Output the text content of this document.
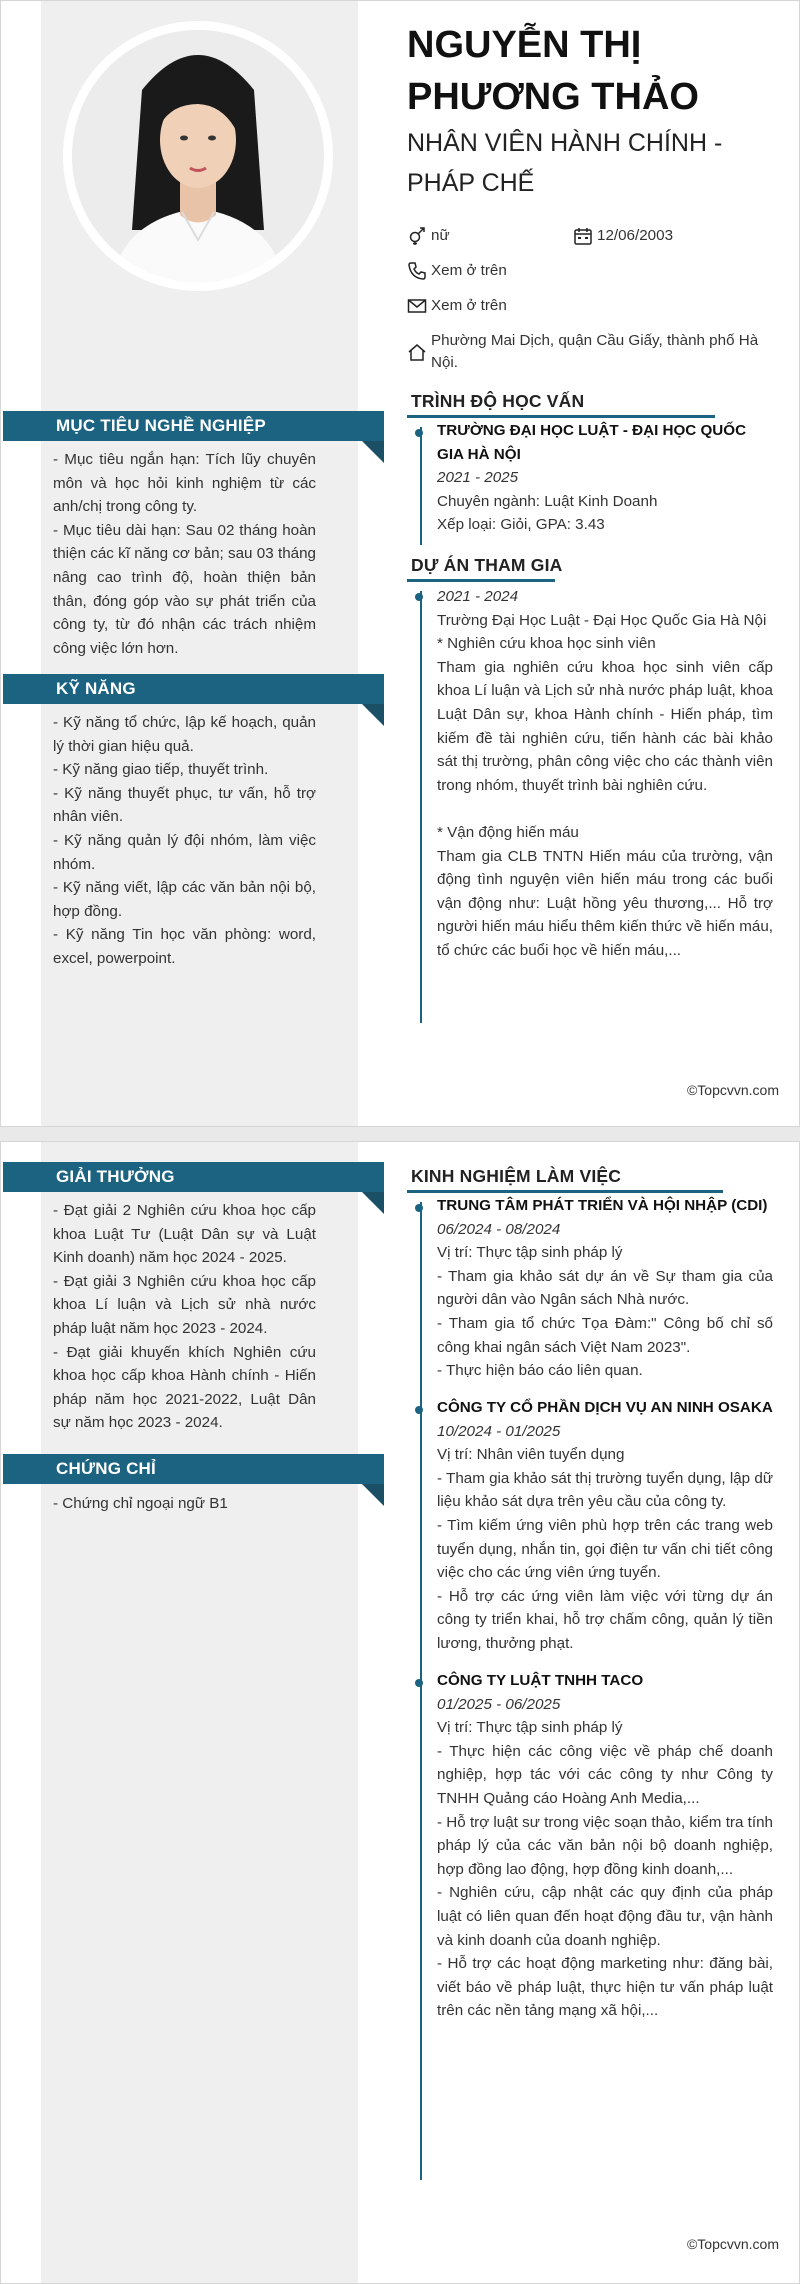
NGUYỄN THỊ PHƯƠNG THẢO
NHÂN VIÊN HÀNH CHÍNH - PHÁP CHẾ
nữ	12/06/2003
Xem ở trên
Xem ở trên
Phường Mai Dịch, quận Cầu Giấy, thành phố Hà Nội.
MỤC TIÊU NGHỀ NGHIỆP

- Mục tiêu ngắn hạn: Tích lũy chuyên môn và học hỏi kinh nghiệm từ các anh/chị trong công ty.

- Mục tiêu dài hạn: Sau 02 tháng hoàn thiện các kĩ năng cơ bản; sau 03 tháng nâng cao trình độ, hoàn thiện bản thân, đóng góp vào sự phát triển của công ty, từ đó nhận các trách nhiệm công việc lớn hơn.

KỸ NĂNG

- Kỹ năng tổ chức, lập kế hoạch, quản lý thời gian hiệu quả.

- Kỹ năng giao tiếp, thuyết trình.

- Kỹ năng thuyết phục, tư vấn, hỗ trợ nhân viên.

- Kỹ năng quản lý đội nhóm, làm việc nhóm.

- Kỹ năng viết, lập các văn bản nội bộ, hợp đồng.

- Kỹ năng Tin học văn phòng: word, excel, powerpoint.

TRÌNH ĐỘ HỌC VẤN

TRƯỜNG ĐẠI HỌC LUẬT - ĐẠI HỌC QUỐC GIA HÀ NỘI

2021 - 2025

Chuyên ngành: Luật Kinh Doanh

Xếp loại: Giỏi, GPA: 3.43

DỰ ÁN THAM GIA

2021 - 2024

Trường Đại Học Luật - Đại Học Quốc Gia Hà Nội

* Nghiên cứu khoa học sinh viên

Tham gia nghiên cứu khoa học sinh viên cấp khoa Lí luận và Lịch sử nhà nước pháp luật, khoa Luật Dân sự, khoa Hành chính - Hiến pháp, tìm kiếm đề tài nghiên cứu, tiến hành các bài khảo sát thị trường, phân công việc cho các thành viên trong nhóm, thuyết trình bài nghiên cứu.

* Vận động hiến máu

Tham gia CLB TNTN Hiến máu của trường, vận động tình nguyện viên hiến máu trong các buổi vận động như: Luật hồng yêu thương,... Hỗ trợ người hiến máu hiểu thêm kiến thức về hiến máu, tổ chức các buổi học về hiến máu,...

©Topcvvn.com
GIẢI THƯỞNG

- Đạt giải 2 Nghiên cứu khoa học cấp khoa Luật Tư (Luật Dân sự và Luật Kinh doanh) năm học 2024 - 2025.

- Đạt giải 3 Nghiên cứu khoa học cấp khoa Lí luận và Lịch sử nhà nước pháp luật năm học 2023 - 2024.

- Đạt giải khuyến khích Nghiên cứu khoa học cấp khoa Hành chính - Hiến pháp năm học 2021-2022, Luật Dân sự năm học 2023 - 2024.

CHỨNG CHỈ

- Chứng chỉ ngoại ngữ B1

KINH NGHIỆM LÀM VIỆC

TRUNG TÂM PHÁT TRIỂN VÀ HỘI NHẬP (CDI)

06/2024 - 08/2024

Vị trí: Thực tập sinh pháp lý

- Tham gia khảo sát dự án về Sự tham gia của người dân vào Ngân sách Nhà nước.

- Tham gia tổ chức Tọa Đàm:" Công bố chỉ số công khai ngân sách Việt Nam 2023".

- Thực hiện báo cáo liên quan.

CÔNG TY CỔ PHẦN DỊCH VỤ AN NINH OSAKA

10/2024 - 01/2025

Vị trí: Nhân viên tuyển dụng

- Tham gia khảo sát thị trường tuyển dụng, lập dữ liệu khảo sát dựa trên yêu cầu của công ty.

- Tìm kiếm ứng viên phù hợp trên các trang web tuyển dụng, nhắn tin, gọi điện tư vấn chi tiết công việc cho các ứng viên ứng tuyển.

- Hỗ trợ các ứng viên làm việc với từng dự án công ty triển khai, hỗ trợ chấm công, quản lý tiền lương, thưởng phạt.

CÔNG TY LUẬT TNHH TACO

01/2025 - 06/2025

Vị trí: Thực tập sinh pháp lý

- Thực hiện các công việc về pháp chế doanh nghiệp, hợp tác với các công ty như Công ty TNHH Quảng cáo Hoàng Anh Media,...

- Hỗ trợ luật sư trong việc soạn thảo, kiểm tra tính pháp lý của các văn bản nội bộ doanh nghiệp, hợp đồng lao động, hợp đồng kinh doanh,...

- Nghiên cứu, cập nhật các quy định của pháp luật có liên quan đến hoạt động đầu tư, vận hành và kinh doanh của doanh nghiệp.

- Hỗ trợ các hoạt động marketing như: đăng bài, viết báo về pháp luật, thực hiện tư vấn pháp luật trên các nền tảng mạng xã hội,...

©Topcvvn.com
